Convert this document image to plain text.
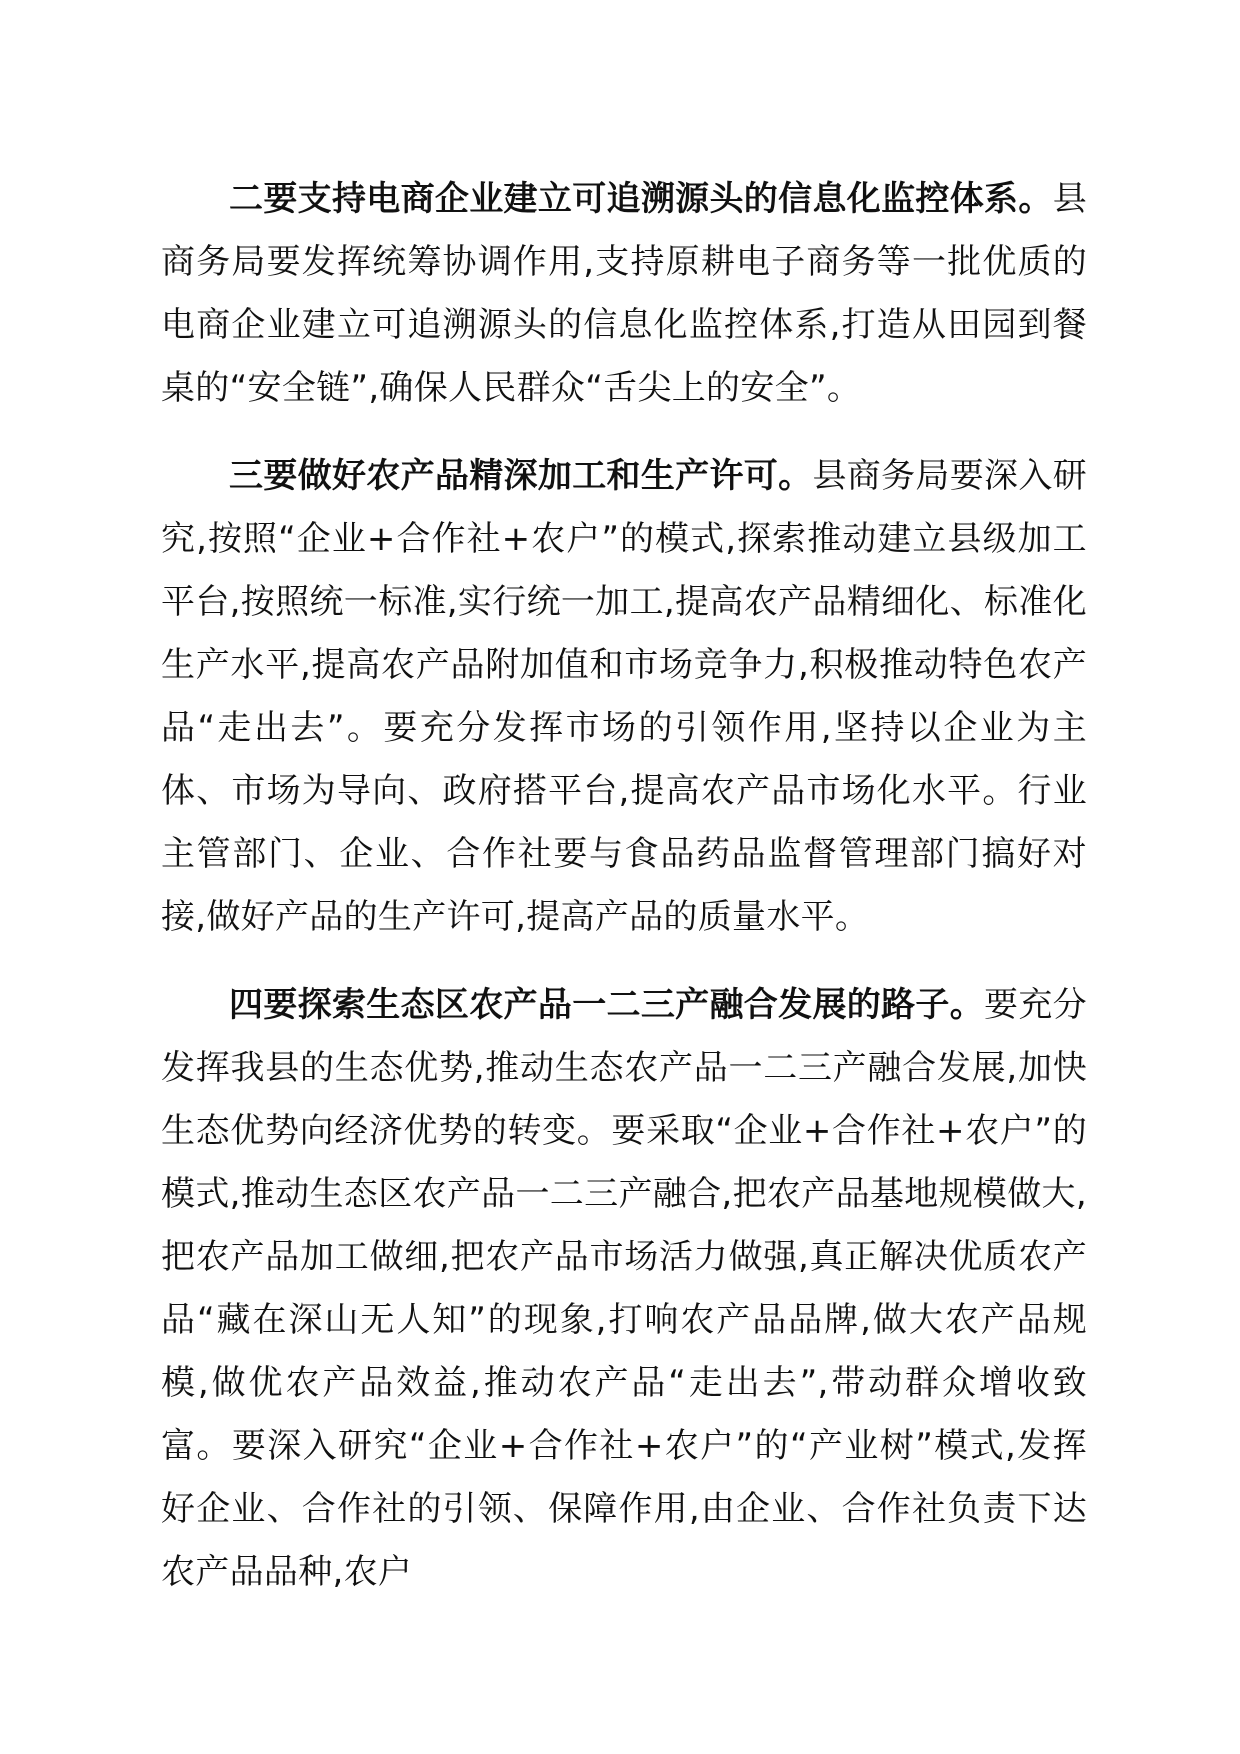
二要支持电商企业建立可追溯源头的信息化监控体系。县商务局要发挥统筹协调作用,支持原耕电子商务等一批优质的电商企业建立可追溯源头的信息化监控体系,打造从田园到餐桌的“安全链”,确保人民群众“舌尖上的安全”。

三要做好农产品精深加工和生产许可。县商务局要深入研究,按照“企业+合作社+农户”的模式,探索推动建立县级加工平台,按照统一标准,实行统一加工,提高农产品精细化、标准化生产水平,提高农产品附加值和市场竞争力,积极推动特色农产品“走出去”。要充分发挥市场的引领作用,坚持以企业为主体、市场为导向、政府搭平台,提高农产品市场化水平。行业主管部门、企业、合作社要与食品药品监督管理部门搞好对接,做好产品的生产许可,提高产品的质量水平。

四要探索生态区农产品一二三产融合发展的路子。要充分发挥我县的生态优势,推动生态农产品一二三产融合发展,加快生态优势向经济优势的转变。要采取“企业+合作社+农户”的模式,推动生态区农产品一二三产融合,把农产品基地规模做大,把农产品加工做细,把农产品市场活力做强,真正解决优质农产品“藏在深山无人知”的现象,打响农产品品牌,做大农产品规模,做优农产品效益,推动农产品“走出去”,带动群众增收致富。要深入研究“企业+合作社+农户”的“产业树”模式,发挥好企业、合作社的引领、保障作用,由企业、合作社负责下达农产品品种,农户
